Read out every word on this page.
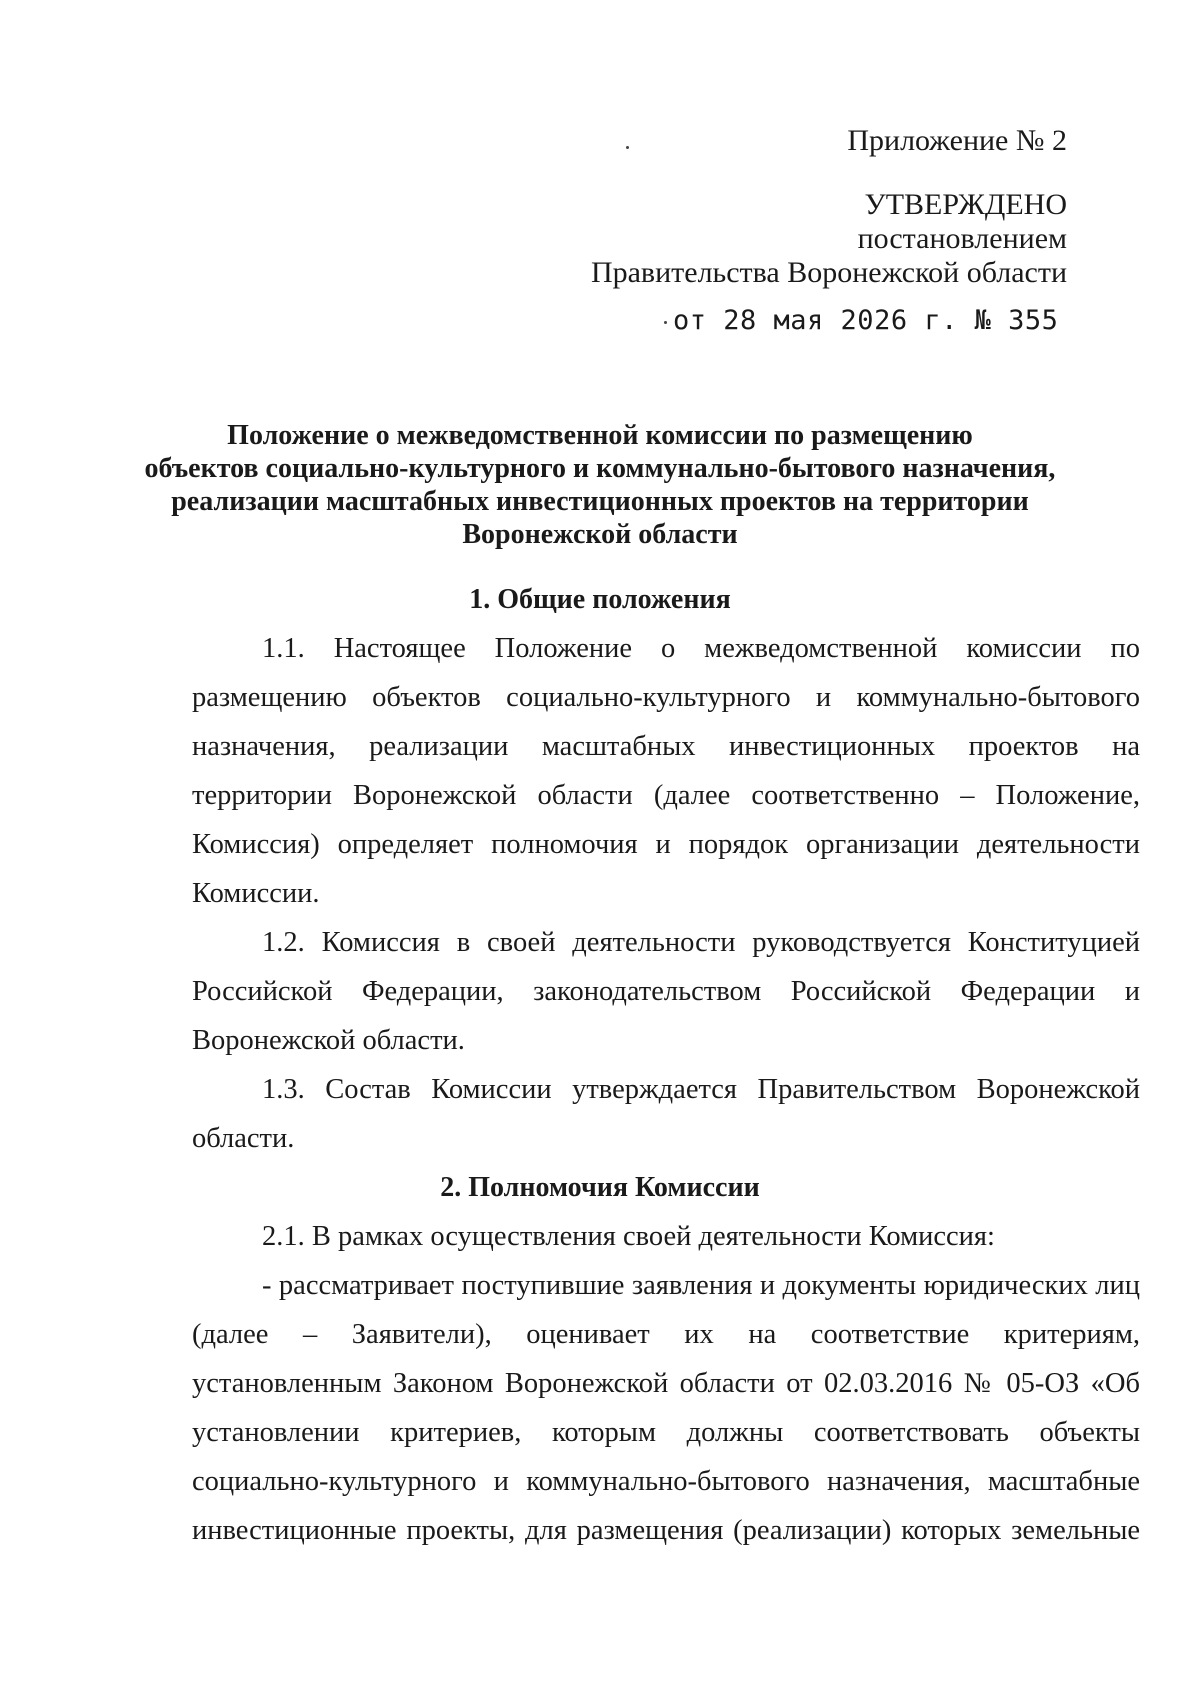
Приложение № 2
УТВЕРЖДЕНО
постановлением
Правительства Воронежской области
от 28 мая 2026 г. № 355
Положение о межведомственной комиссии по размещению
объектов социально-культурного и коммунально-бытового назначения,
реализации масштабных инвестиционных проектов на территории
Воронежской области
1. Общие положения
1.1. Настоящее Положение о межведомственной комиссии по
размещению объектов социально-культурного и коммунально-бытового
назначения, реализации масштабных инвестиционных проектов на
территории Воронежской области (далее соответственно – Положение,
Комиссия) определяет полномочия и порядок организации деятельности
Комиссии.
1.2. Комиссия в своей деятельности руководствуется Конституцией
Российской Федерации, законодательством Российской Федерации и
Воронежской области.
1.3. Состав Комиссии утверждается Правительством Воронежской
области.
2. Полномочия Комиссии
2.1. В рамках осуществления своей деятельности Комиссия:
- рассматривает поступившие заявления и документы юридических лиц
(далее – Заявители), оценивает их на соответствие критериям,
установленным Законом Воронежской области от 02.03.2016 № 05-ОЗ «Об
установлении критериев, которым должны соответствовать объекты
социально-культурного и коммунально-бытового назначения, масштабные
инвестиционные проекты, для размещения (реализации) которых земельные
